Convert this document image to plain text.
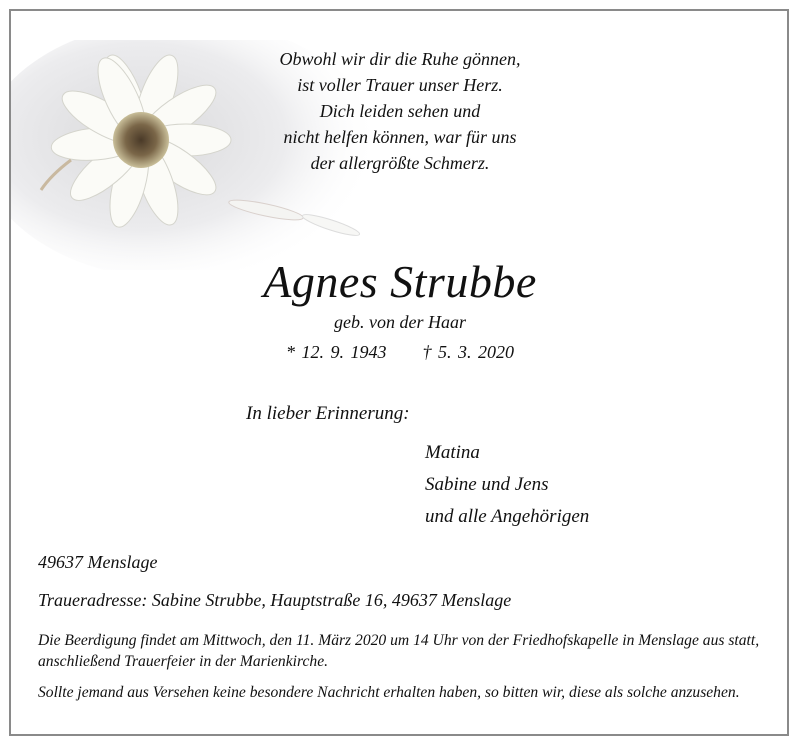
Obwohl wir dir die Ruhe gönnen,
ist voller Trauer unser Herz.
Dich leiden sehen und
nicht helfen können, war für uns
der allergrößte Schmerz.
Agnes Strubbe
geb. von der Haar
* 12. 9. 1943 † 5. 3. 2020
In lieber Erinnerung:
Matina
Sabine und Jens
und alle Angehörigen
49637 Menslage
Traueradresse: Sabine Strubbe, Hauptstraße 16, 49637 Menslage
Die Beerdigung findet am Mittwoch, den 11. März 2020 um 14 Uhr von der Friedhofskapelle in Menslage aus statt, anschließend Trauerfeier in der Marienkirche.
Sollte jemand aus Versehen keine besondere Nachricht erhalten haben, so bitten wir, diese als solche anzusehen.
